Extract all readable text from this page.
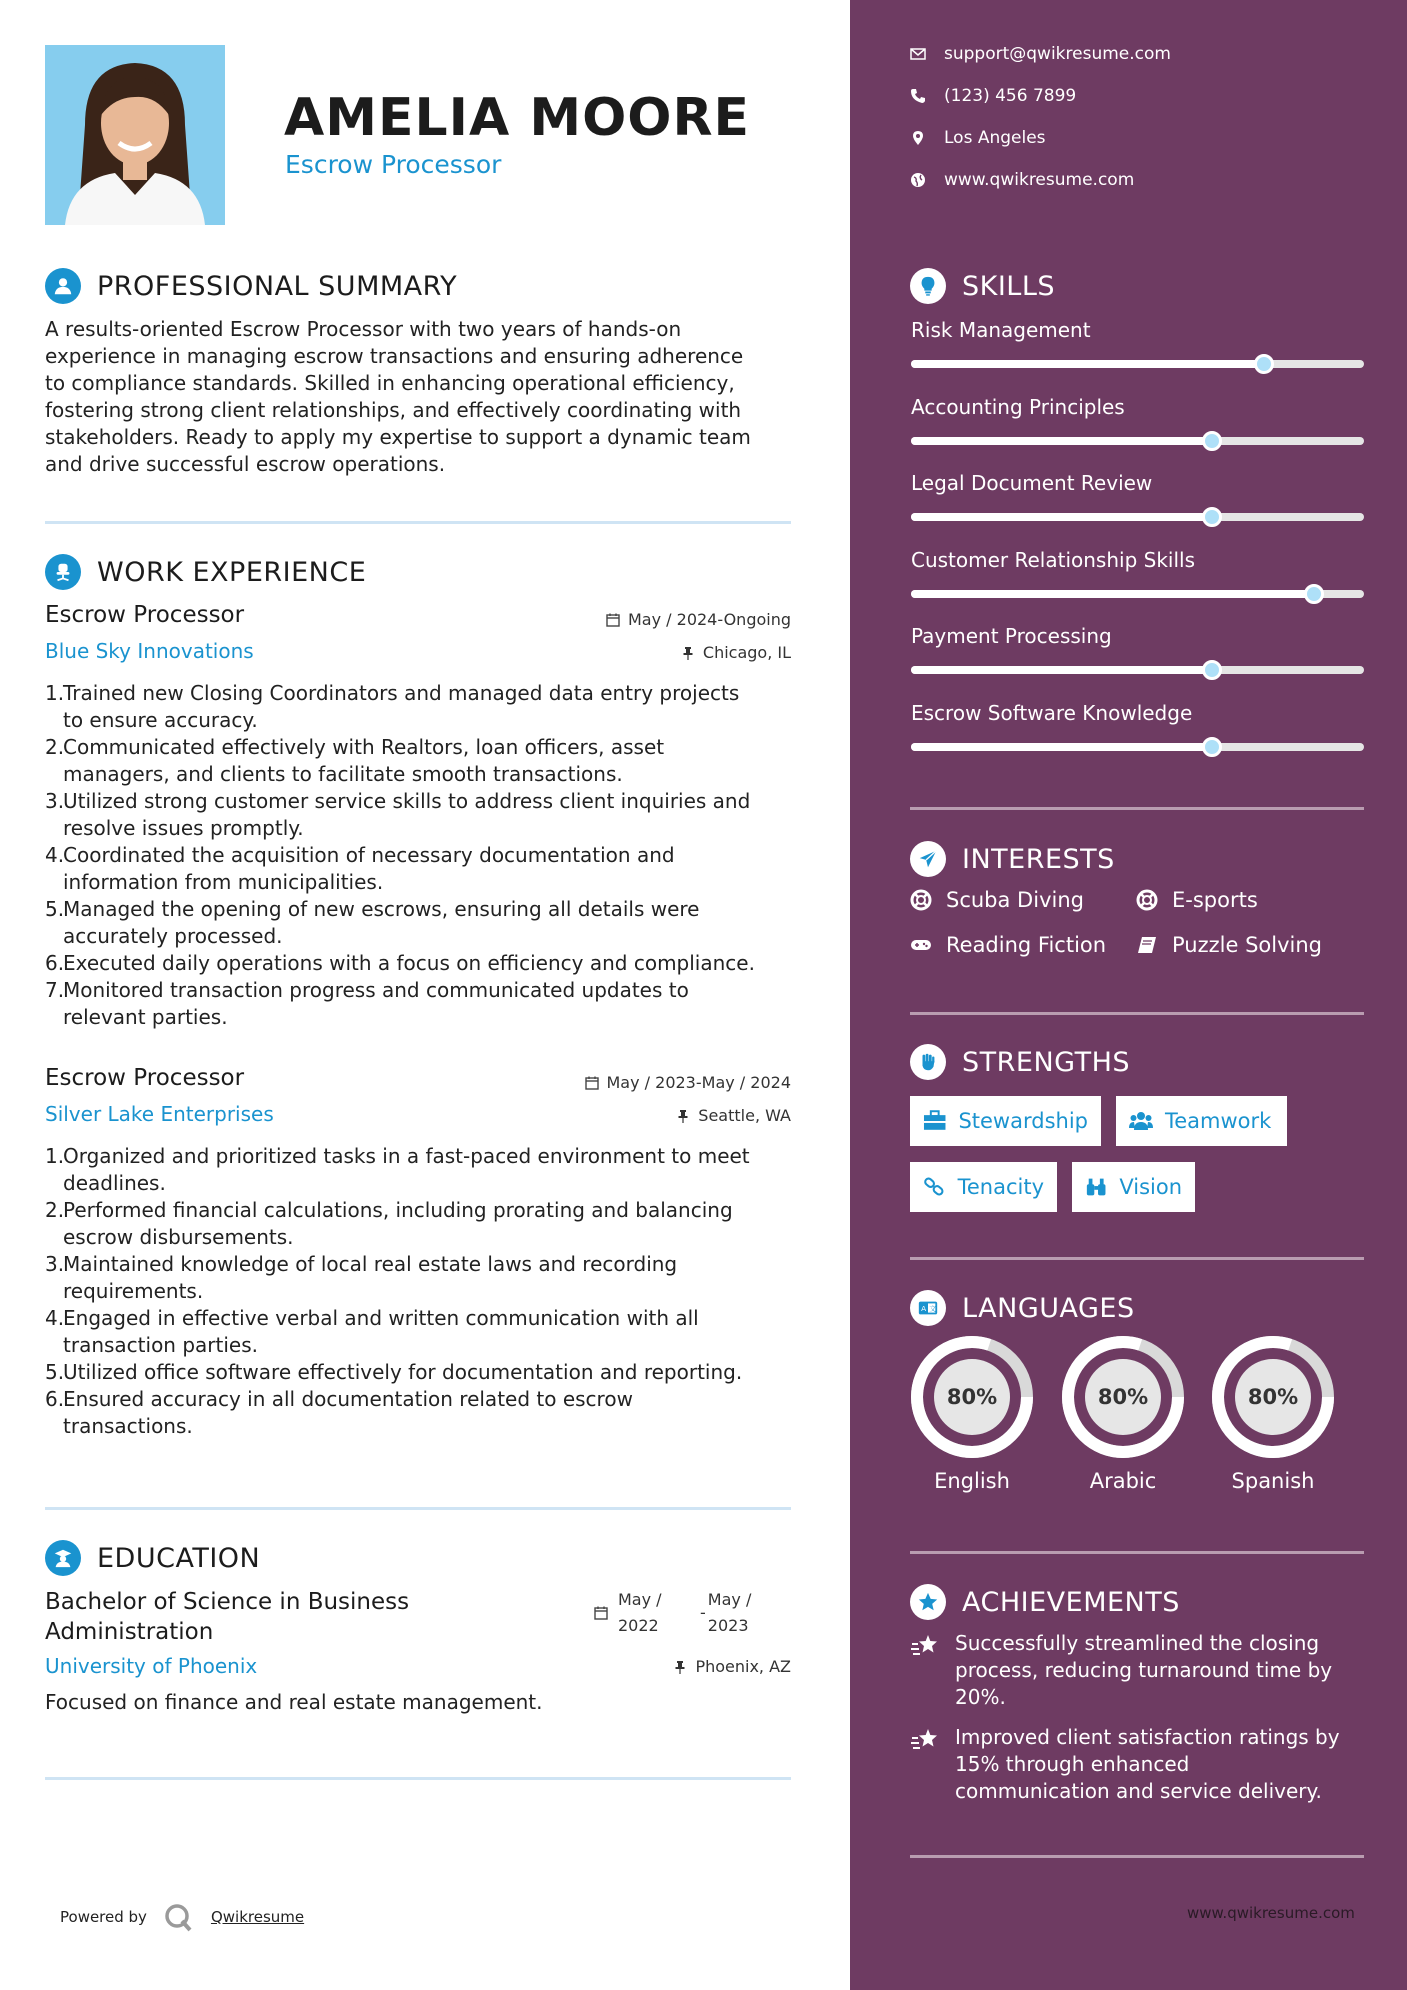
AMELIA MOORE
Escrow Processor
PROFESSIONAL SUMMARY
A results-oriented Escrow Processor with two years of hands-on
experience in managing escrow transactions and ensuring adherence
to compliance standards. Skilled in enhancing operational efficiency,
fostering strong client relationships, and effectively coordinating with
stakeholders. Ready to apply my expertise to support a dynamic team
and drive successful escrow operations.
WORK EXPERIENCE
Escrow Processor	May / 2024-Ongoing
Blue Sky Innovations	Chicago, IL
1.
Trained new Closing Coordinators and managed data entry projects
to ensure accuracy.
2.
Communicated effectively with Realtors, loan officers, asset
managers, and clients to facilitate smooth transactions.
3.
Utilized strong customer service skills to address client inquiries and
resolve issues promptly.
4.
Coordinated the acquisition of necessary documentation and
information from municipalities.
5.
Managed the opening of new escrows, ensuring all details were
accurately processed.
6.
Executed daily operations with a focus on efficiency and compliance.
7.
Monitored transaction progress and communicated updates to
relevant parties.
Escrow Processor	May / 2023-May / 2024
Silver Lake Enterprises	Seattle, WA
1.
Organized and prioritized tasks in a fast-paced environment to meet
deadlines.
2.
Performed financial calculations, including prorating and balancing
escrow disbursements.
3.
Maintained knowledge of local real estate laws and recording
requirements.
4.
Engaged in effective verbal and written communication with all
transaction parties.
5.
Utilized office software effectively for documentation and reporting.
6.
Ensured accuracy in all documentation related to escrow
transactions.
EDUCATION
Bachelor of Science in Business
Administration
May /
2022
-
May /
2023
University of Phoenix	Phoenix, AZ
Focused on finance and real estate management.
Powered by	Qwikresume
support@qwikresume.com
(123) 456 7899
Los Angeles
www.qwikresume.com
SKILLS
Risk Management
Accounting Principles
Legal Document Review
Customer Relationship Skills
Payment Processing
Escrow Software Knowledge
INTERESTS
Scuba Diving	E-sports
Reading Fiction	Puzzle Solving
STRENGTHS
Stewardship	Teamwork
Tenacity	Vision
A 文 LANGUAGES
80%
English
80%
Arabic
80%
Spanish
ACHIEVEMENTS
Successfully streamlined the closing
process, reducing turnaround time by
20%.
Improved client satisfaction ratings by
15% through enhanced
communication and service delivery.
www.qwikresume.com
